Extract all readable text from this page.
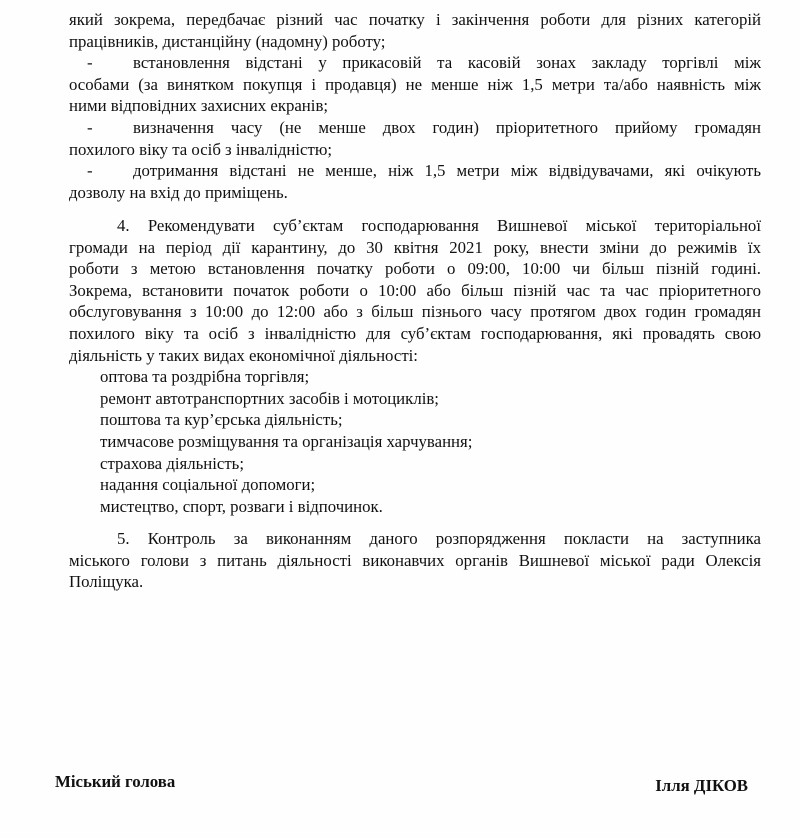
який зокрема, передбачає різний час початку і закінчення роботи для різних категорій
працівників, дистанційну (надомну) роботу;
-	встановлення відстані у прикасовій та касовій зонах закладу торгівлі між
особами (за винятком покупця і продавця) не менше ніж 1,5 метри та/або наявність між
ними відповідних захисних екранів;
-	визначення часу (не менше двох годин) пріоритетного прийому громадян
похилого віку та осіб з інвалідністю;
-	дотримання відстані не менше, ніж 1,5 метри між відвідувачами, які очікують
дозволу на вхід до приміщень.
4. Рекомендувати суб’єктам господарювання Вишневої міської територіальної
громади на період дії карантину, до 30 квітня 2021 року, внести зміни до режимів їх
роботи з метою встановлення початку роботи о 09:00, 10:00 чи більш пізній годині.
Зокрема, встановити початок роботи о 10:00 або більш пізній час та час пріоритетного
обслуговування з 10:00 до 12:00 або з більш пізнього часу протягом двох годин громадян
похилого віку та осіб з інвалідністю для суб’єктам господарювання, які провадять свою
діяльність у таких видах економічної діяльності:
оптова та роздрібна торгівля;
ремонт автотранспортних засобів і мотоциклів;
поштова та кур’єрська діяльність;
тимчасове розміщування та організація харчування;
страхова діяльність;
надання соціальної допомоги;
мистецтво, спорт, розваги і відпочинок.
5. Контроль за виконанням даного розпорядження покласти на заступника
міського голови з питань діяльності виконавчих органів Вишневої міської ради Олексія
Поліщука.
Міський голова	Ілля ДІКОВ
